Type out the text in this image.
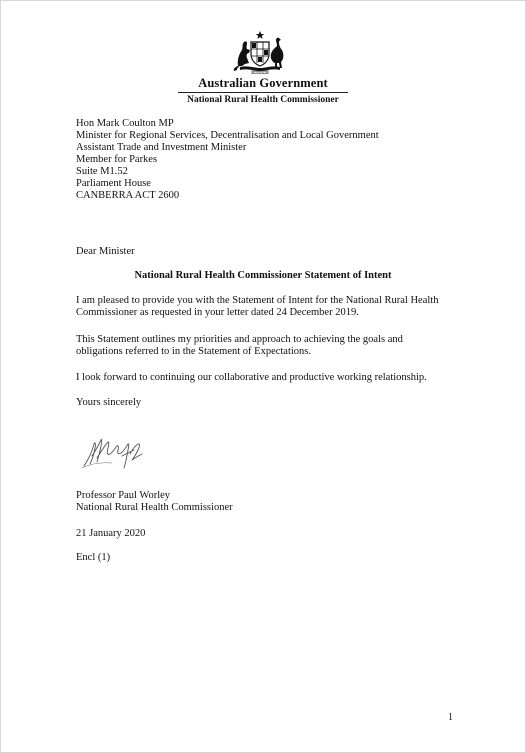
AUSTRALIA
Australian Government
National Rural Health Commissioner
Hon Mark Coulton MP
Minister for Regional Services, Decentralisation and Local Government
Assistant Trade and Investment Minister
Member for Parkes
Suite M1.52
Parliament House
CANBERRA ACT 2600
Dear Minister
National Rural Health Commissioner Statement of Intent
I am pleased to provide you with the Statement of Intent for the National Rural Health
Commissioner as requested in your letter dated 24 December 2019.
This Statement outlines my priorities and approach to achieving the goals and
obligations referred to in the Statement of Expectations.
I look forward to continuing our collaborative and productive working relationship.
Yours sincerely
Professor Paul Worley
National Rural Health Commissioner
21 January 2020
Encl (1)
1
